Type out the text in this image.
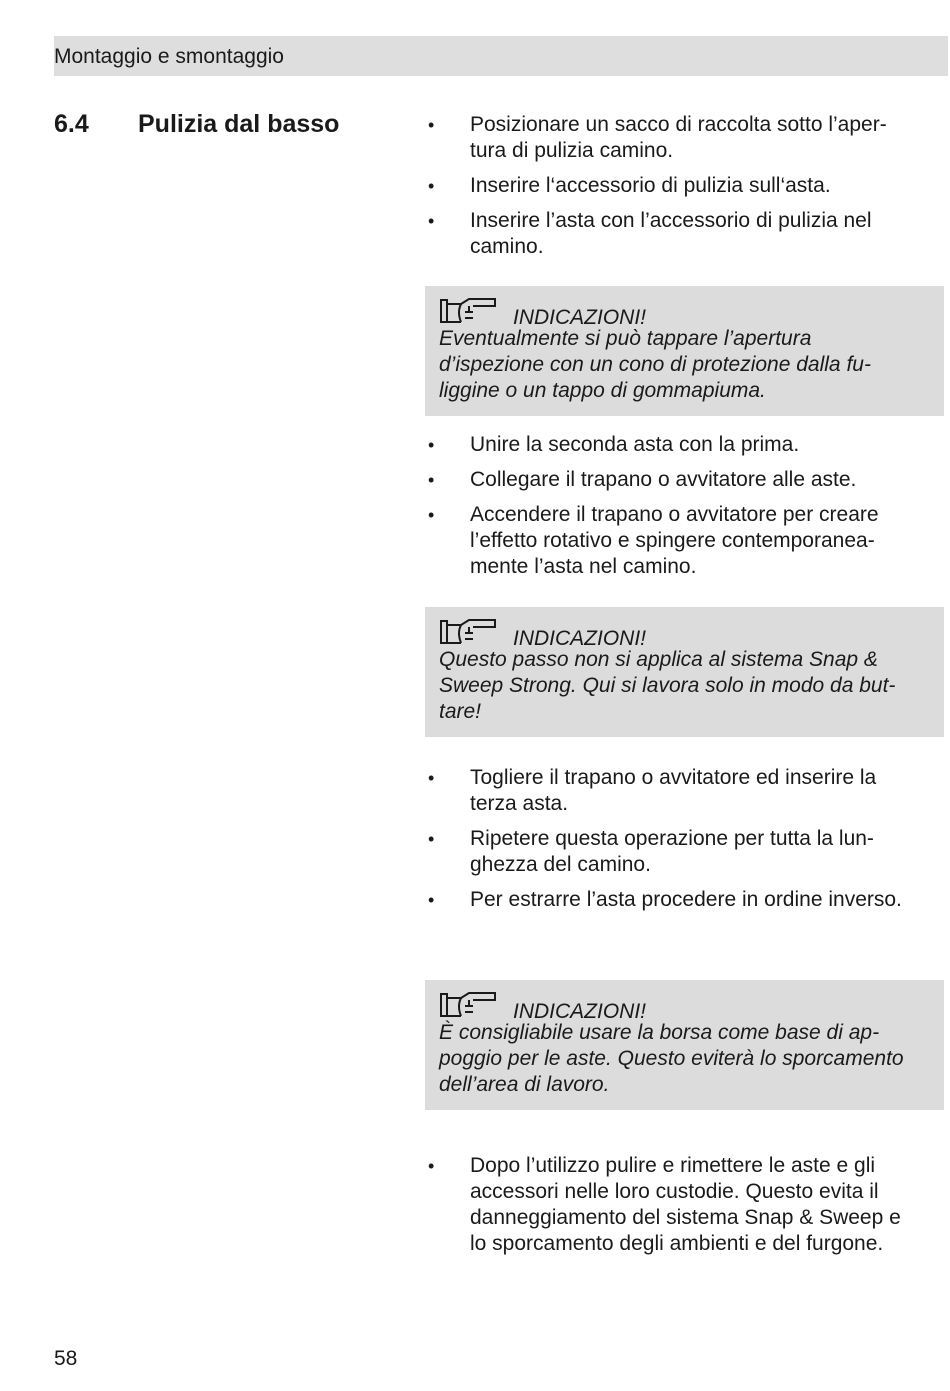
Montaggio e smontaggio
6.4 Pulizia dal basso	• Posizionare un sacco di raccolta sotto l’aper-
tura di pulizia camino.
• Inserire l‘accessorio di pulizia sull‘asta.
• Inserire l’asta con l’accessorio di pulizia nel
camino.
INDICAZIONI!
Eventualmente si può tappare l’apertura
d’ispezione con un cono di protezione dalla fu-
liggine o un tappo di gommapiuma.
• Unire la seconda asta con la prima.
• Collegare il trapano o avvitatore alle aste.
• Accendere il trapano o avvitatore per creare
l’effetto rotativo e spingere contemporanea-
mente l’asta nel camino.
INDICAZIONI!
Questo passo non si applica al sistema Snap &
Sweep Strong. Qui si lavora solo in modo da but-
tare!
• Togliere il trapano o avvitatore ed inserire la
terza asta.
• Ripetere questa operazione per tutta la lun-
ghezza del camino.
• Per estrarre l’asta procedere in ordine inverso.
INDICAZIONI!
È consigliabile usare la borsa come base di ap-
poggio per le aste. Questo eviterà lo sporcamento
dell’area di lavoro.
• Dopo l’utilizzo pulire e rimettere le aste e gli
accessori nelle loro custodie. Questo evita il
danneggiamento del sistema Snap & Sweep e
lo sporcamento degli ambienti e del furgone.
58
